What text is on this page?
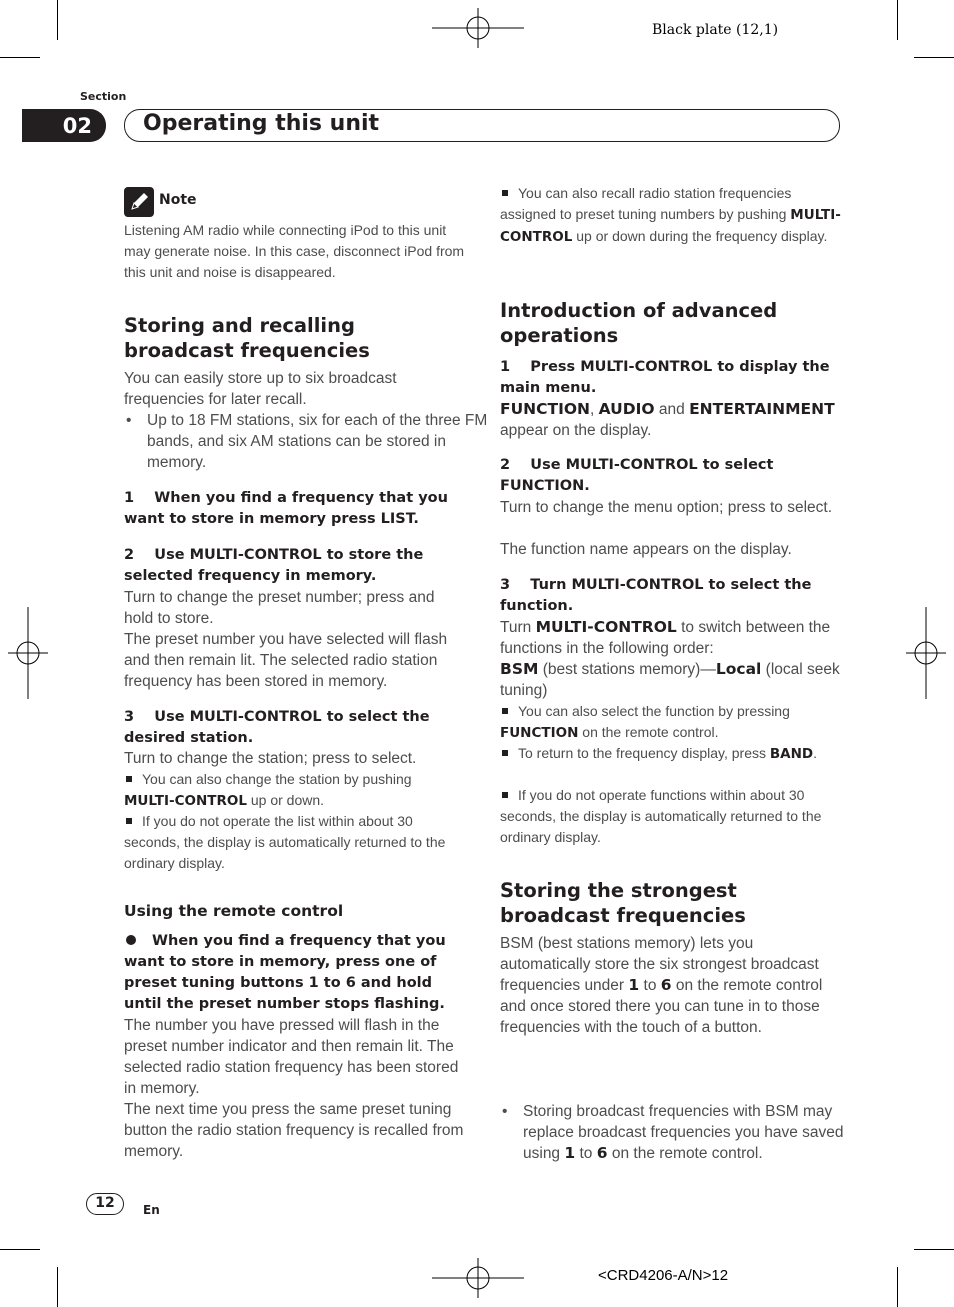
Black plate (12,1)
Section
02	Operating this unit
Note
Listening AM radio while connecting iPod to this unit may generate noise. In this case, disconnect iPod from this unit and noise is disappeared.
Storing and recalling broadcast frequencies
You can easily store up to six broadcast frequencies for later recall.
• Up to 18 FM stations, six for each of the three FM bands, and six AM stations can be stored in memory.
1 When you find a frequency that you want to store in memory press LIST.
2 Use MULTI-CONTROL to store the selected frequency in memory.
Turn to change the preset number; press and hold to store.
The preset number you have selected will flash and then remain lit. The selected radio station frequency has been stored in memory.
3 Use MULTI-CONTROL to select the desired station.
Turn to change the station; press to select.
You can also change the station by pushing MULTI-CONTROL up or down.
If you do not operate the list within about 30 seconds, the display is automatically returned to the ordinary display.
Using the remote control
When you find a frequency that you want to store in memory, press one of preset tuning buttons 1 to 6 and hold until the preset number stops flashing.
The number you have pressed will flash in the preset number indicator and then remain lit. The selected radio station frequency has been stored in memory.
The next time you press the same preset tuning button the radio station frequency is recalled from memory.
You can also recall radio station frequencies assigned to preset tuning numbers by pushing MULTI-CONTROL up or down during the frequency display.
Introduction of advanced operations
1 Press MULTI-CONTROL to display the main menu.
FUNCTION, AUDIO and ENTERTAINMENT appear on the display.
2 Use MULTI-CONTROL to select FUNCTION.
Turn to change the menu option; press to select.
The function name appears on the display.
3 Turn MULTI-CONTROL to select the function.
Turn MULTI-CONTROL to switch between the functions in the following order:
BSM (best stations memory)—Local (local seek tuning)
You can also select the function by pressing FUNCTION on the remote control.
To return to the frequency display, press BAND.
If you do not operate functions within about 30 seconds, the display is automatically returned to the ordinary display.
Storing the strongest broadcast frequencies
BSM (best stations memory) lets you automatically store the six strongest broadcast frequencies under 1 to 6 on the remote control and once stored there you can tune in to those frequencies with the touch of a button.
• Storing broadcast frequencies with BSM may replace broadcast frequencies you have saved using 1 to 6 on the remote control.
12	En
<CRD4206-A/N>12
